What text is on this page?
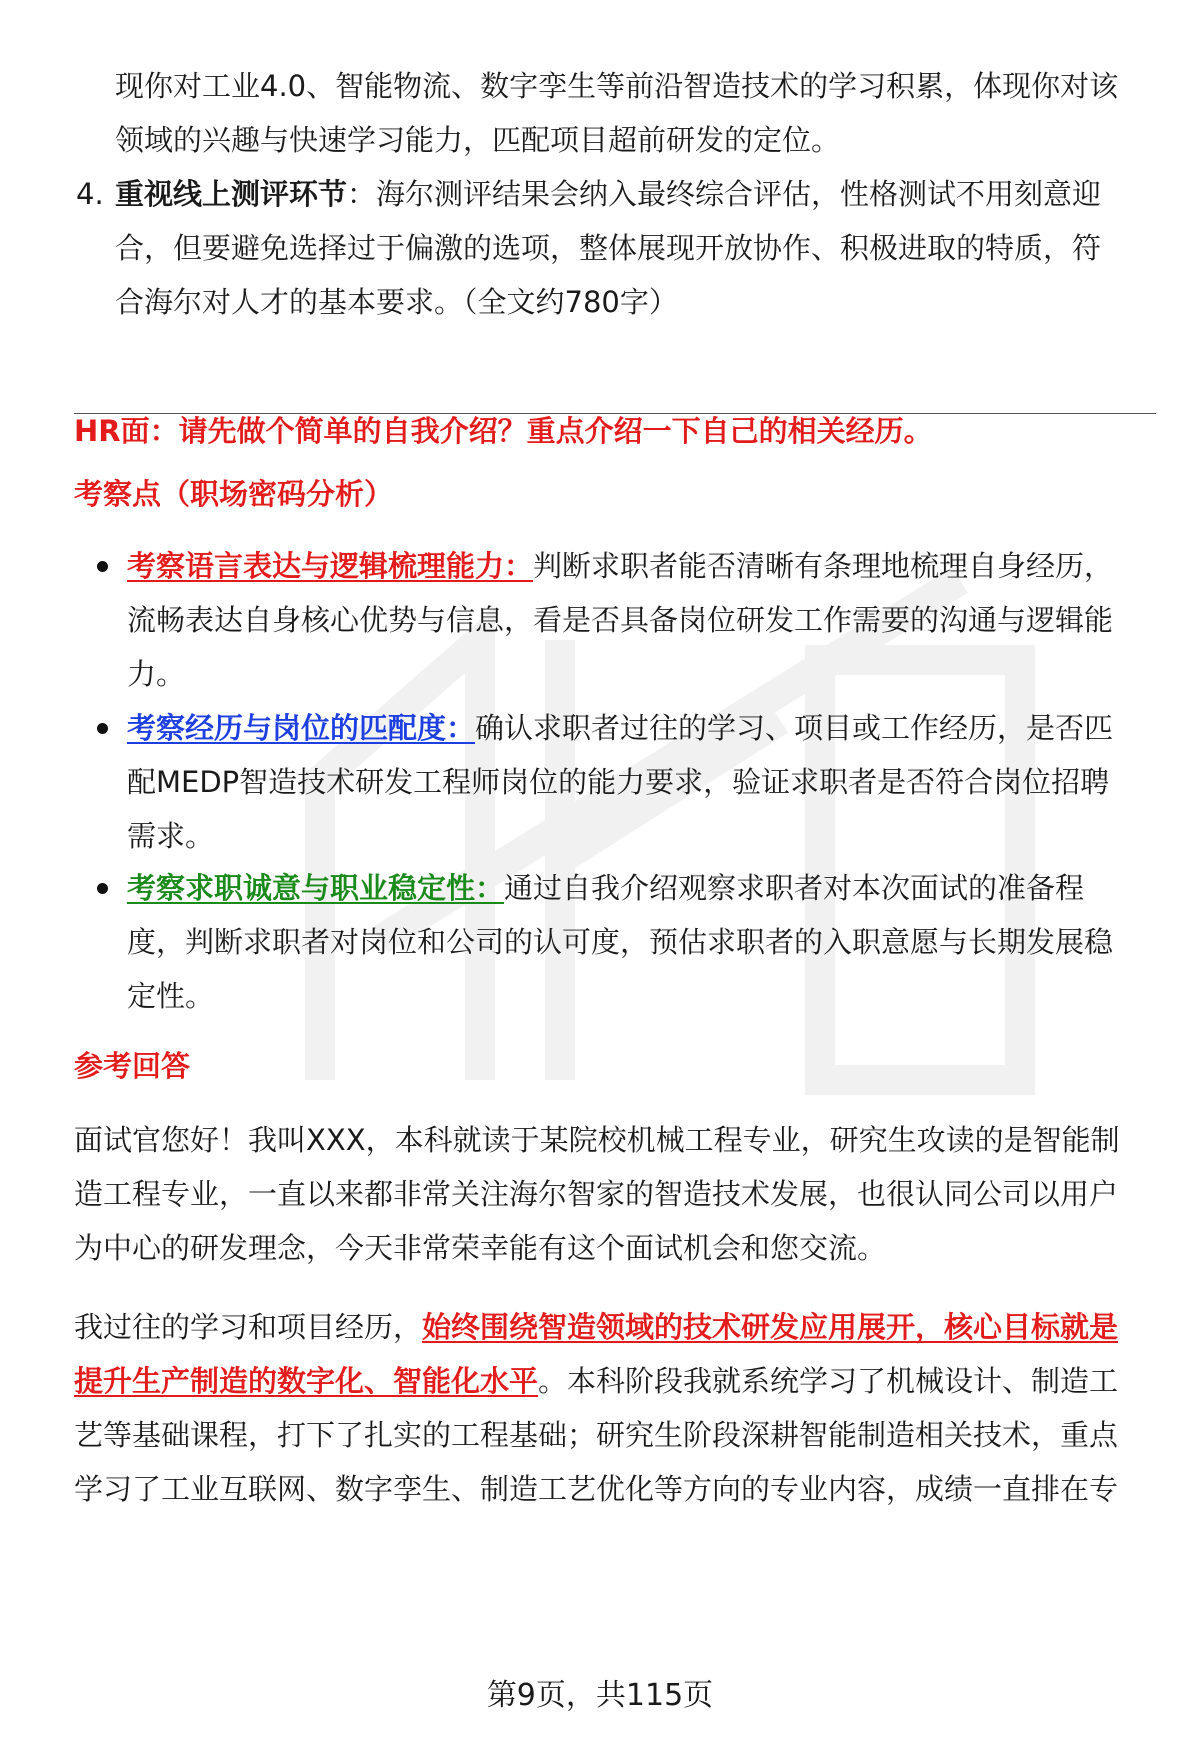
现你对工业4.0、智能物流、数字孪生等前沿智造技术的学习积累，体现你对该
领域的兴趣与快速学习能力，匹配项目超前研发的定位。
4. 重视线上测评环节：海尔测评结果会纳入最终综合评估，性格测试不用刻意迎
合，但要避免选择过于偏激的选项，整体展现开放协作、积极进取的特质，符
合海尔对人才的基本要求。（全文约780字）
HR面：请先做个简单的自我介绍？重点介绍一下自己的相关经历。
考察点（职场密码分析）
考察语言表达与逻辑梳理能力：判断求职者能否清晰有条理地梳理自身经历，
流畅表达自身核心优势与信息，看是否具备岗位研发工作需要的沟通与逻辑能
力。
考察经历与岗位的匹配度：确认求职者过往的学习、项目或工作经历，是否匹
配MEDP智造技术研发工程师岗位的能力要求，验证求职者是否符合岗位招聘
需求。
考察求职诚意与职业稳定性：通过自我介绍观察求职者对本次面试的准备程
度，判断求职者对岗位和公司的认可度，预估求职者的入职意愿与长期发展稳
定性。
参考回答
面试官您好！我叫XXX，本科就读于某院校机械工程专业，研究生攻读的是智能制
造工程专业，一直以来都非常关注海尔智家的智造技术发展，也很认同公司以用户
为中心的研发理念，今天非常荣幸能有这个面试机会和您交流。
我过往的学习和项目经历，始终围绕智造领域的技术研发应用展开，核心目标就是
提升生产制造的数字化、智能化水平。本科阶段我就系统学习了机械设计、制造工
艺等基础课程，打下了扎实的工程基础；研究生阶段深耕智能制造相关技术，重点
学习了工业互联网、数字孪生、制造工艺优化等方向的专业内容，成绩一直排在专
第9页，共115页
